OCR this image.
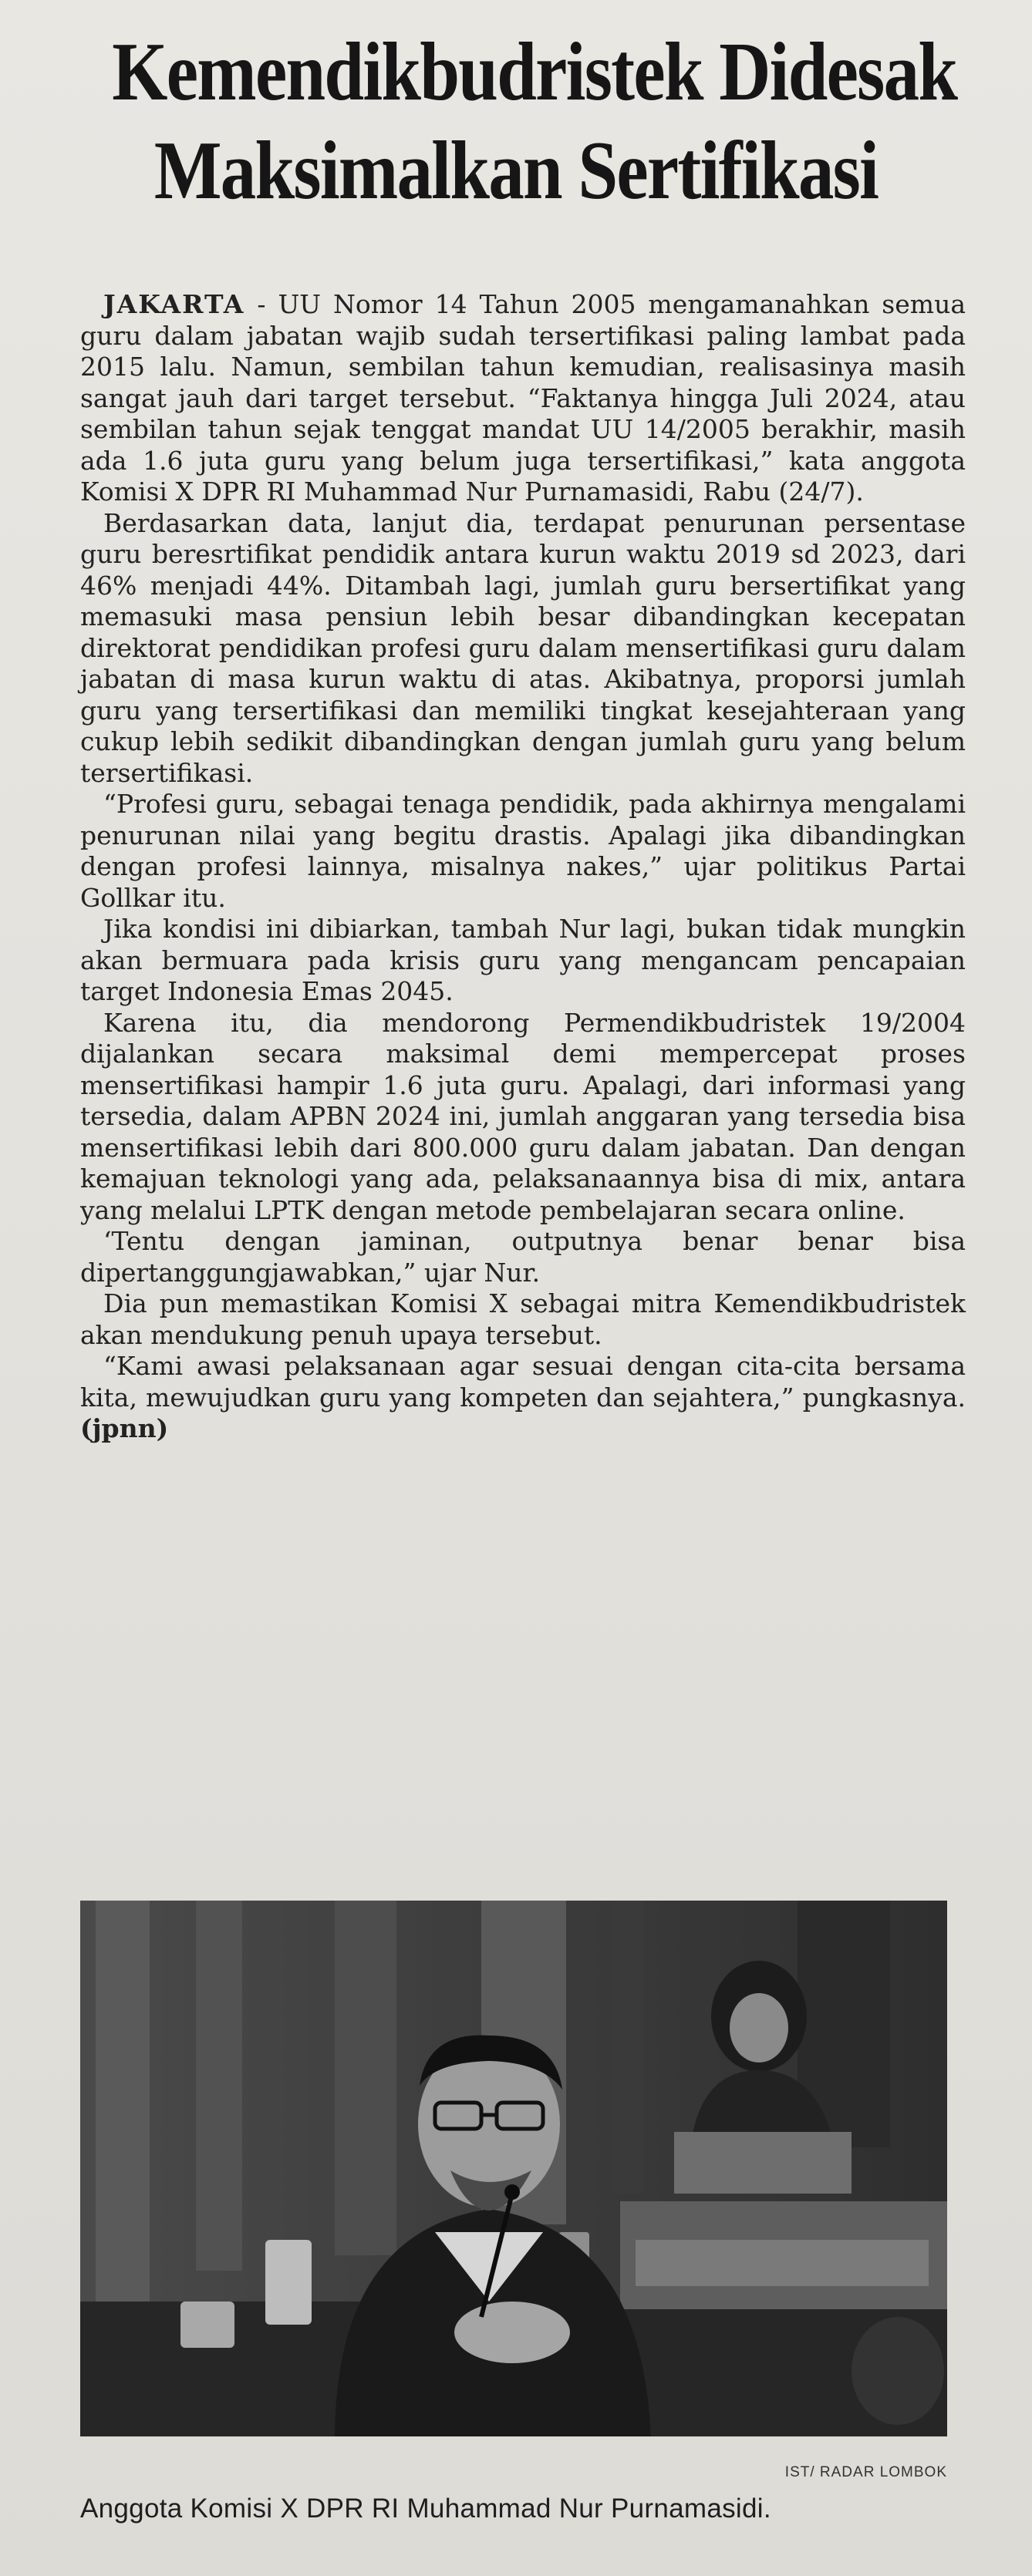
Kemendikbudristek Didesak
Maksimalkan Sertifikasi

JAKARTA - UU Nomor 14 Tahun 2005 mengamanahkan semua guru dalam jabatan wajib sudah tersertifikasi paling lambat pada 2015 lalu. Namun, sembilan tahun kemudian, realisasinya masih sangat jauh dari target tersebut. “Faktanya hingga Juli 2024, atau sembilan tahun sejak tenggat mandat UU 14/2005 berakhir, masih ada 1.6 juta guru yang belum juga tersertifikasi,” kata anggota Komisi X DPR RI Muhammad Nur Purnamasidi, Rabu (24/7).

Berdasarkan data, lanjut dia, terdapat penurunan persentase guru beresrtifikat pendidik antara kurun waktu 2019 sd 2023, dari 46% menjadi 44%. Ditambah lagi, jumlah guru bersertifikat yang memasuki masa pensiun lebih besar dibandingkan kecepatan direktorat pendidikan profesi guru dalam mensertifikasi guru dalam jabatan di masa kurun waktu di atas. Akibatnya, proporsi jumlah guru yang tersertifikasi dan memiliki tingkat kesejahteraan yang cukup lebih sedikit dibandingkan dengan jumlah guru yang belum tersertifikasi.

“Profesi guru, sebagai tenaga pendidik, pada akhirnya mengalami penurunan nilai yang begitu drastis. Apalagi jika dibandingkan dengan profesi lainnya, misalnya nakes,” ujar politikus Partai Gollkar itu.

Jika kondisi ini dibiarkan, tambah Nur lagi, bukan tidak mungkin akan bermuara pada krisis guru yang mengancam pencapaian target Indonesia Emas 2045.

Karena itu, dia mendorong Permendikbudristek 19/2004 dijalankan secara maksimal demi mempercepat proses mensertifikasi hampir 1.6 juta guru. Apalagi, dari informasi yang tersedia, dalam APBN 2024 ini, jumlah anggaran yang tersedia bisa mensertifikasi lebih dari 800.000 guru dalam jabatan. Dan dengan kemajuan teknologi yang ada, pelaksanaannya bisa di mix, antara yang melalui LPTK dengan metode pembelajaran secara online.

‘Tentu dengan jaminan, outputnya benar benar bisa dipertanggungjawabkan,” ujar Nur.

Dia pun memastikan Komisi X sebagai mitra Kemendikbudristek akan mendukung penuh upaya tersebut.

“Kami awasi pelaksanaan agar sesuai dengan cita-cita bersama kita, mewujudkan guru yang kompeten dan sejahtera,” pungkasnya. (jpnn)

IST/ RADAR LOMBOK
Anggota Komisi X DPR RI Muhammad Nur Purnamasidi.
